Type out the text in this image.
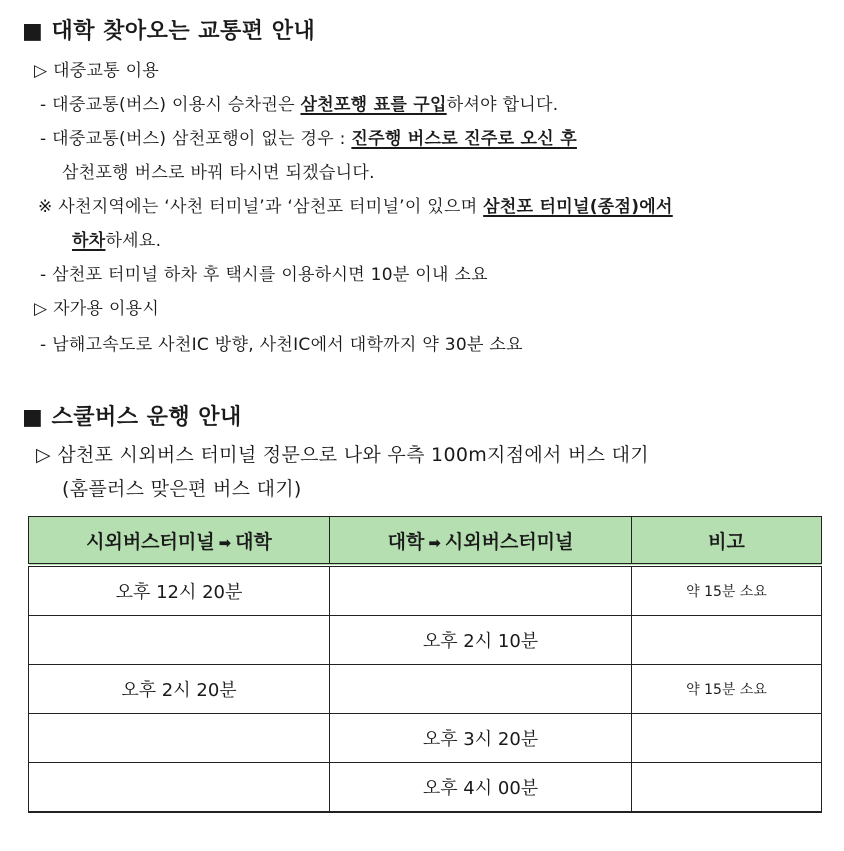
■ 대학 찾아오는 교통편 안내
▷ 대중교통 이용
- 대중교통(버스) 이용시 승차권은 삼천포행 표를 구입하셔야 합니다.
- 대중교통(버스) 삼천포행이 없는 경우 : 진주행 버스로 진주로 오신 후
삼천포행 버스로 바꿔 타시면 되겠습니다.
※ 사천지역에는 ‘사천 터미널’과 ‘삼천포 터미널’이 있으며 삼천포 터미널(종점)에서
하차하세요.
- 삼천포 터미널 하차 후 택시를 이용하시면 10분 이내 소요
▷ 자가용 이용시
- 남해고속도로 사천IC 방향, 사천IC에서 대학까지 약 30분 소요
■ 스쿨버스 운행 안내
▷ 삼천포 시외버스 터미널 정문으로 나와 우측 100m지점에서 버스 대기
(홈플러스 맞은편 버스 대기)
시외버스터미널 ➡ 대학	대학 ➡ 시외버스터미널	비고
오후 12시 20분		약 15분 소요
	오후 2시 10분	
오후 2시 20분		약 15분 소요
	오후 3시 20분	
	오후 4시 00분	
